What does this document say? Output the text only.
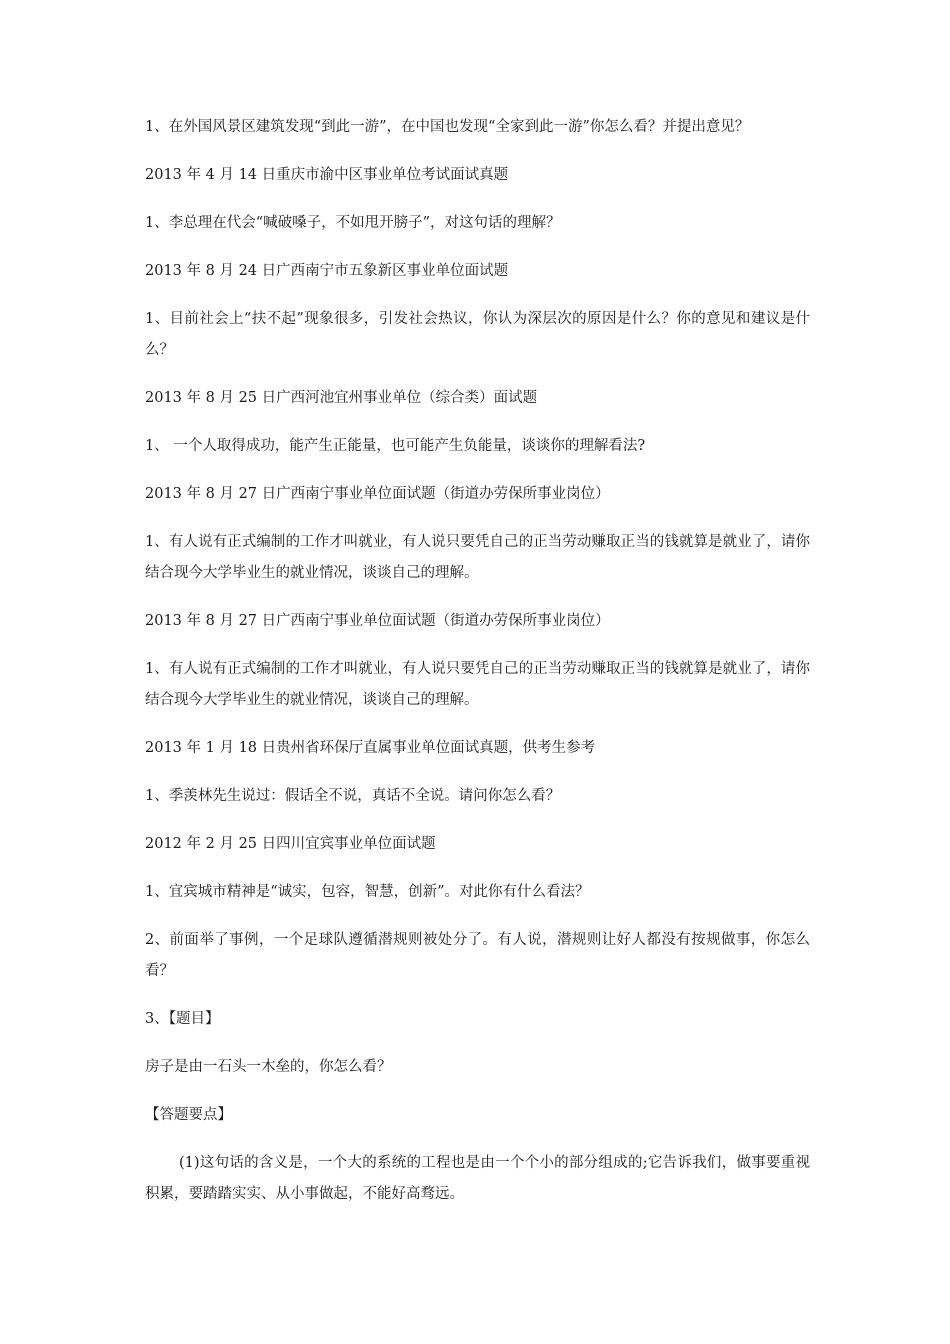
1、在外国风景区建筑发现“到此一游”，在中国也发现“全家到此一游”你怎么看？并提出意见？

2013 年 4 月 14 日重庆市渝中区事业单位考试面试真题

1、李总理在代会“喊破嗓子，不如甩开膀子”，对这句话的理解？

2013 年 8 月 24 日广西南宁市五象新区事业单位面试题

1、目前社会上“扶不起”现象很多，引发社会热议，你认为深层次的原因是什么？你的意见和建议是什么？

2013 年 8 月 25 日广西河池宜州事业单位（综合类）面试题

1、 一个人取得成功，能产生正能量，也可能产生负能量，谈谈你的理解看法?

2013 年 8 月 27 日广西南宁事业单位面试题（街道办劳保所事业岗位）

1、有人说有正式编制的工作才叫就业，有人说只要凭自己的正当劳动赚取正当的钱就算是就业了，请你结合现今大学毕业生的就业情况，谈谈自己的理解。

2013 年 8 月 27 日广西南宁事业单位面试题（街道办劳保所事业岗位）

1、有人说有正式编制的工作才叫就业，有人说只要凭自己的正当劳动赚取正当的钱就算是就业了，请你结合现今大学毕业生的就业情况，谈谈自己的理解。

2013 年 1 月 18 日贵州省环保厅直属事业单位面试真题，供考生参考

1、季羡林先生说过：假话全不说，真话不全说。请问你怎么看？

2012 年 2 月 25 日四川宜宾事业单位面试题

1、宜宾城市精神是“诚实，包容，智慧，创新”。对此你有什么看法？

2、前面举了事例，一个足球队遵循潜规则被处分了。有人说，潜规则让好人都没有按规做事，你怎么看？

3、【题目】

房子是由一石头一木垒的，你怎么看？

【答题要点】

(1)这句话的含义是，一个大的系统的工程也是由一个个小的部分组成的;它告诉我们，做事要重视积累，要踏踏实实、从小事做起，不能好高骛远。
